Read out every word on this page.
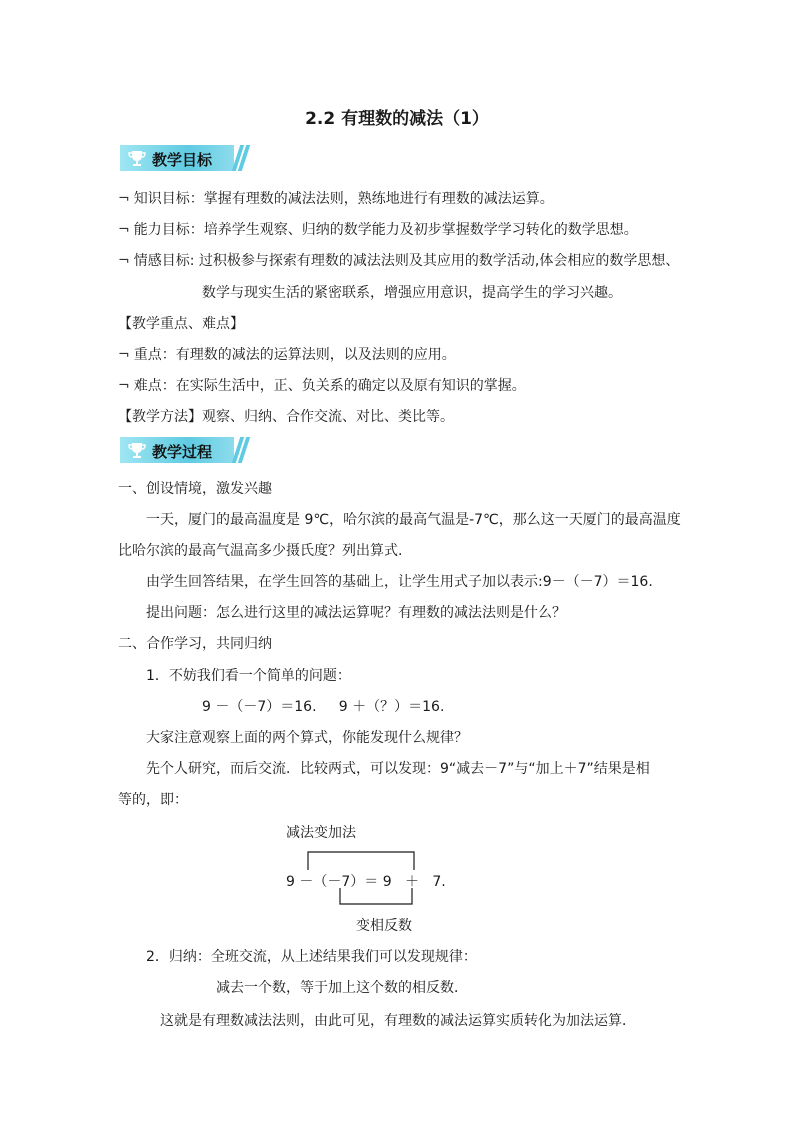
2.2 有理数的减法（1）
教学目标
¬ 知识目标：掌握有理数的减法法则，熟练地进行有理数的减法运算。
¬ 能力目标：培养学生观察、归纳的数学能力及初步掌握数学学习转化的数学思想。
¬ 情感目标: 过积极参与探索有理数的减法法则及其应用的数学活动,体会相应的数学思想、
数学与现实生活的紧密联系，增强应用意识，提高学生的学习兴趣。
【教学重点、难点】
¬ 重点：有理数的减法的运算法则，以及法则的应用。
¬ 难点：在实际生活中，正、负关系的确定以及原有知识的掌握。
【教学方法】观察、归纳、合作交流、对比、类比等。
教学过程
一、创设情境，激发兴趣
一天，厦门的最高温度是 9℃，哈尔滨的最高气温是-7℃，那么这一天厦门的最高温度
比哈尔滨的最高气温高多少摄氏度？列出算式.
由学生回答结果，在学生回答的基础上，让学生用式子加以表示:9－（－7）＝16.
提出问题：怎么进行这里的减法运算呢？有理数的减法法则是什么？
二、合作学习，共同归纳
1．不妨我们看一个简单的问题：
9 －（－7）＝16.     9 ＋（？）＝16.
大家注意观察上面的两个算式，你能发现什么规律？
先个人研究，而后交流．比较两式，可以发现：9“减去－7”与“加上＋7”结果是相
等的，即：
减法变加法
9 －（－7）＝ 9   ＋   7.
变相反数
2．归纳：全班交流，从上述结果我们可以发现规律：
减去一个数，等于加上这个数的相反数．
这就是有理数减法法则，由此可见，有理数的减法运算实质转化为加法运算．
